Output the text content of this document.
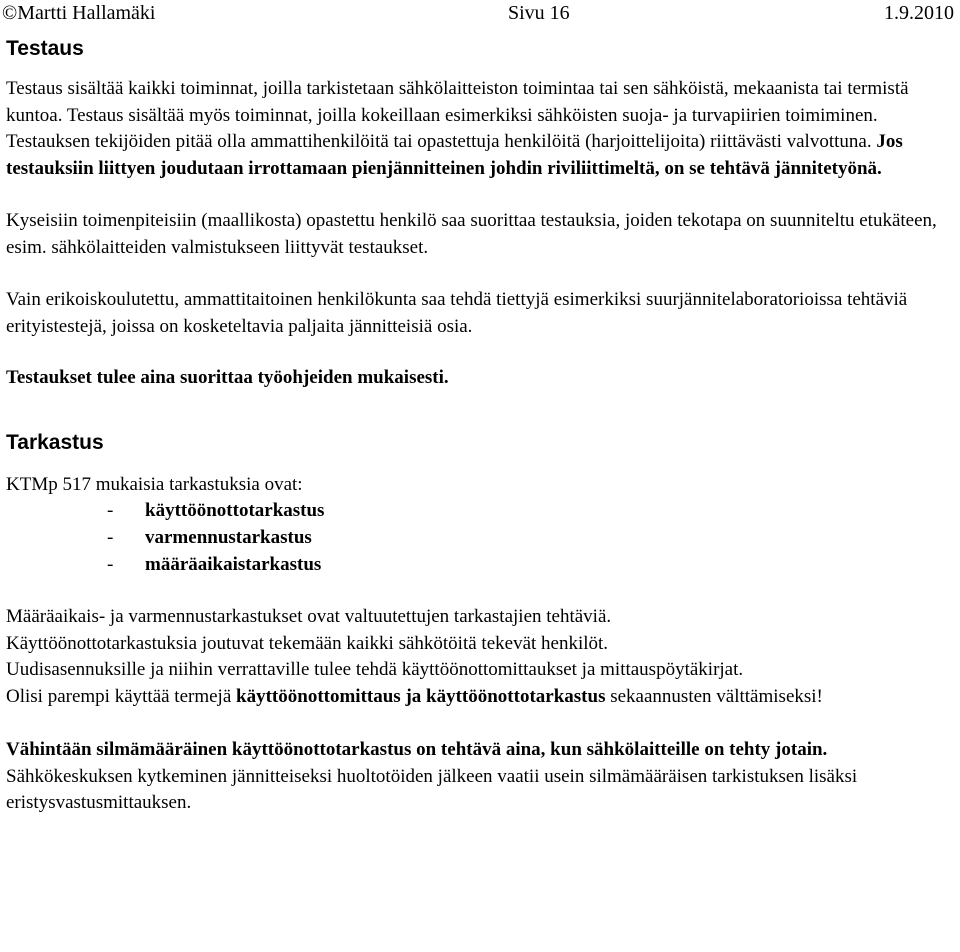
©Martti Hallamäki	Sivu 16	1.9.2010
Testaus

Testaus sisältää kaikki toiminnat, joilla tarkistetaan sähkölaitteiston toimintaa tai sen sähköistä, mekaanista tai termistä kuntoa. Testaus sisältää myös toiminnat, joilla kokeillaan esimerkiksi sähköisten suoja- ja turvapiirien toimiminen. Testauksen tekijöiden pitää olla ammattihenkilöitä tai opastettuja henkilöitä (harjoittelijoita) riittävästi valvottuna. Jos testauksiin liittyen joudutaan irrottamaan pienjännitteinen johdin riviliittimeltä, on se tehtävä jännitetyönä.

Kyseisiin toimenpiteisiin (maallikosta) opastettu henkilö saa suorittaa testauksia, joiden tekotapa on suunniteltu etukäteen, esim. sähkölaitteiden valmistukseen liittyvät testaukset.

Vain erikoiskoulutettu, ammattitaitoinen henkilökunta saa tehdä tiettyjä esimerkiksi suurjännitelaboratorioissa tehtäviä erityistestejä, joissa on kosketeltavia paljaita jännitteisiä osia.

Testaukset tulee aina suorittaa työohjeiden mukaisesti.

Tarkastus

KTMp 517 mukaisia tarkastuksia ovat:

- käyttöönottotarkastus
- varmennustarkastus
- määräaikaistarkastus

Määräaikais- ja varmennustarkastukset ovat valtuutettujen tarkastajien tehtäviä.

Käyttöönottotarkastuksia joutuvat tekemään kaikki sähkötöitä tekevät henkilöt.

Uudisasennuksille ja niihin verrattaville tulee tehdä käyttöönottomittaukset ja mittauspöytäkirjat.

Olisi parempi käyttää termejä käyttöönottomittaus ja käyttöönottotarkastus sekaannusten välttämiseksi!

Vähintään silmämääräinen käyttöönottotarkastus on tehtävä aina, kun sähkölaitteille on tehty jotain. Sähkökeskuksen kytkeminen jännitteiseksi huoltotöiden jälkeen vaatii usein silmämääräisen tarkistuksen lisäksi eristysvastusmittauksen.
